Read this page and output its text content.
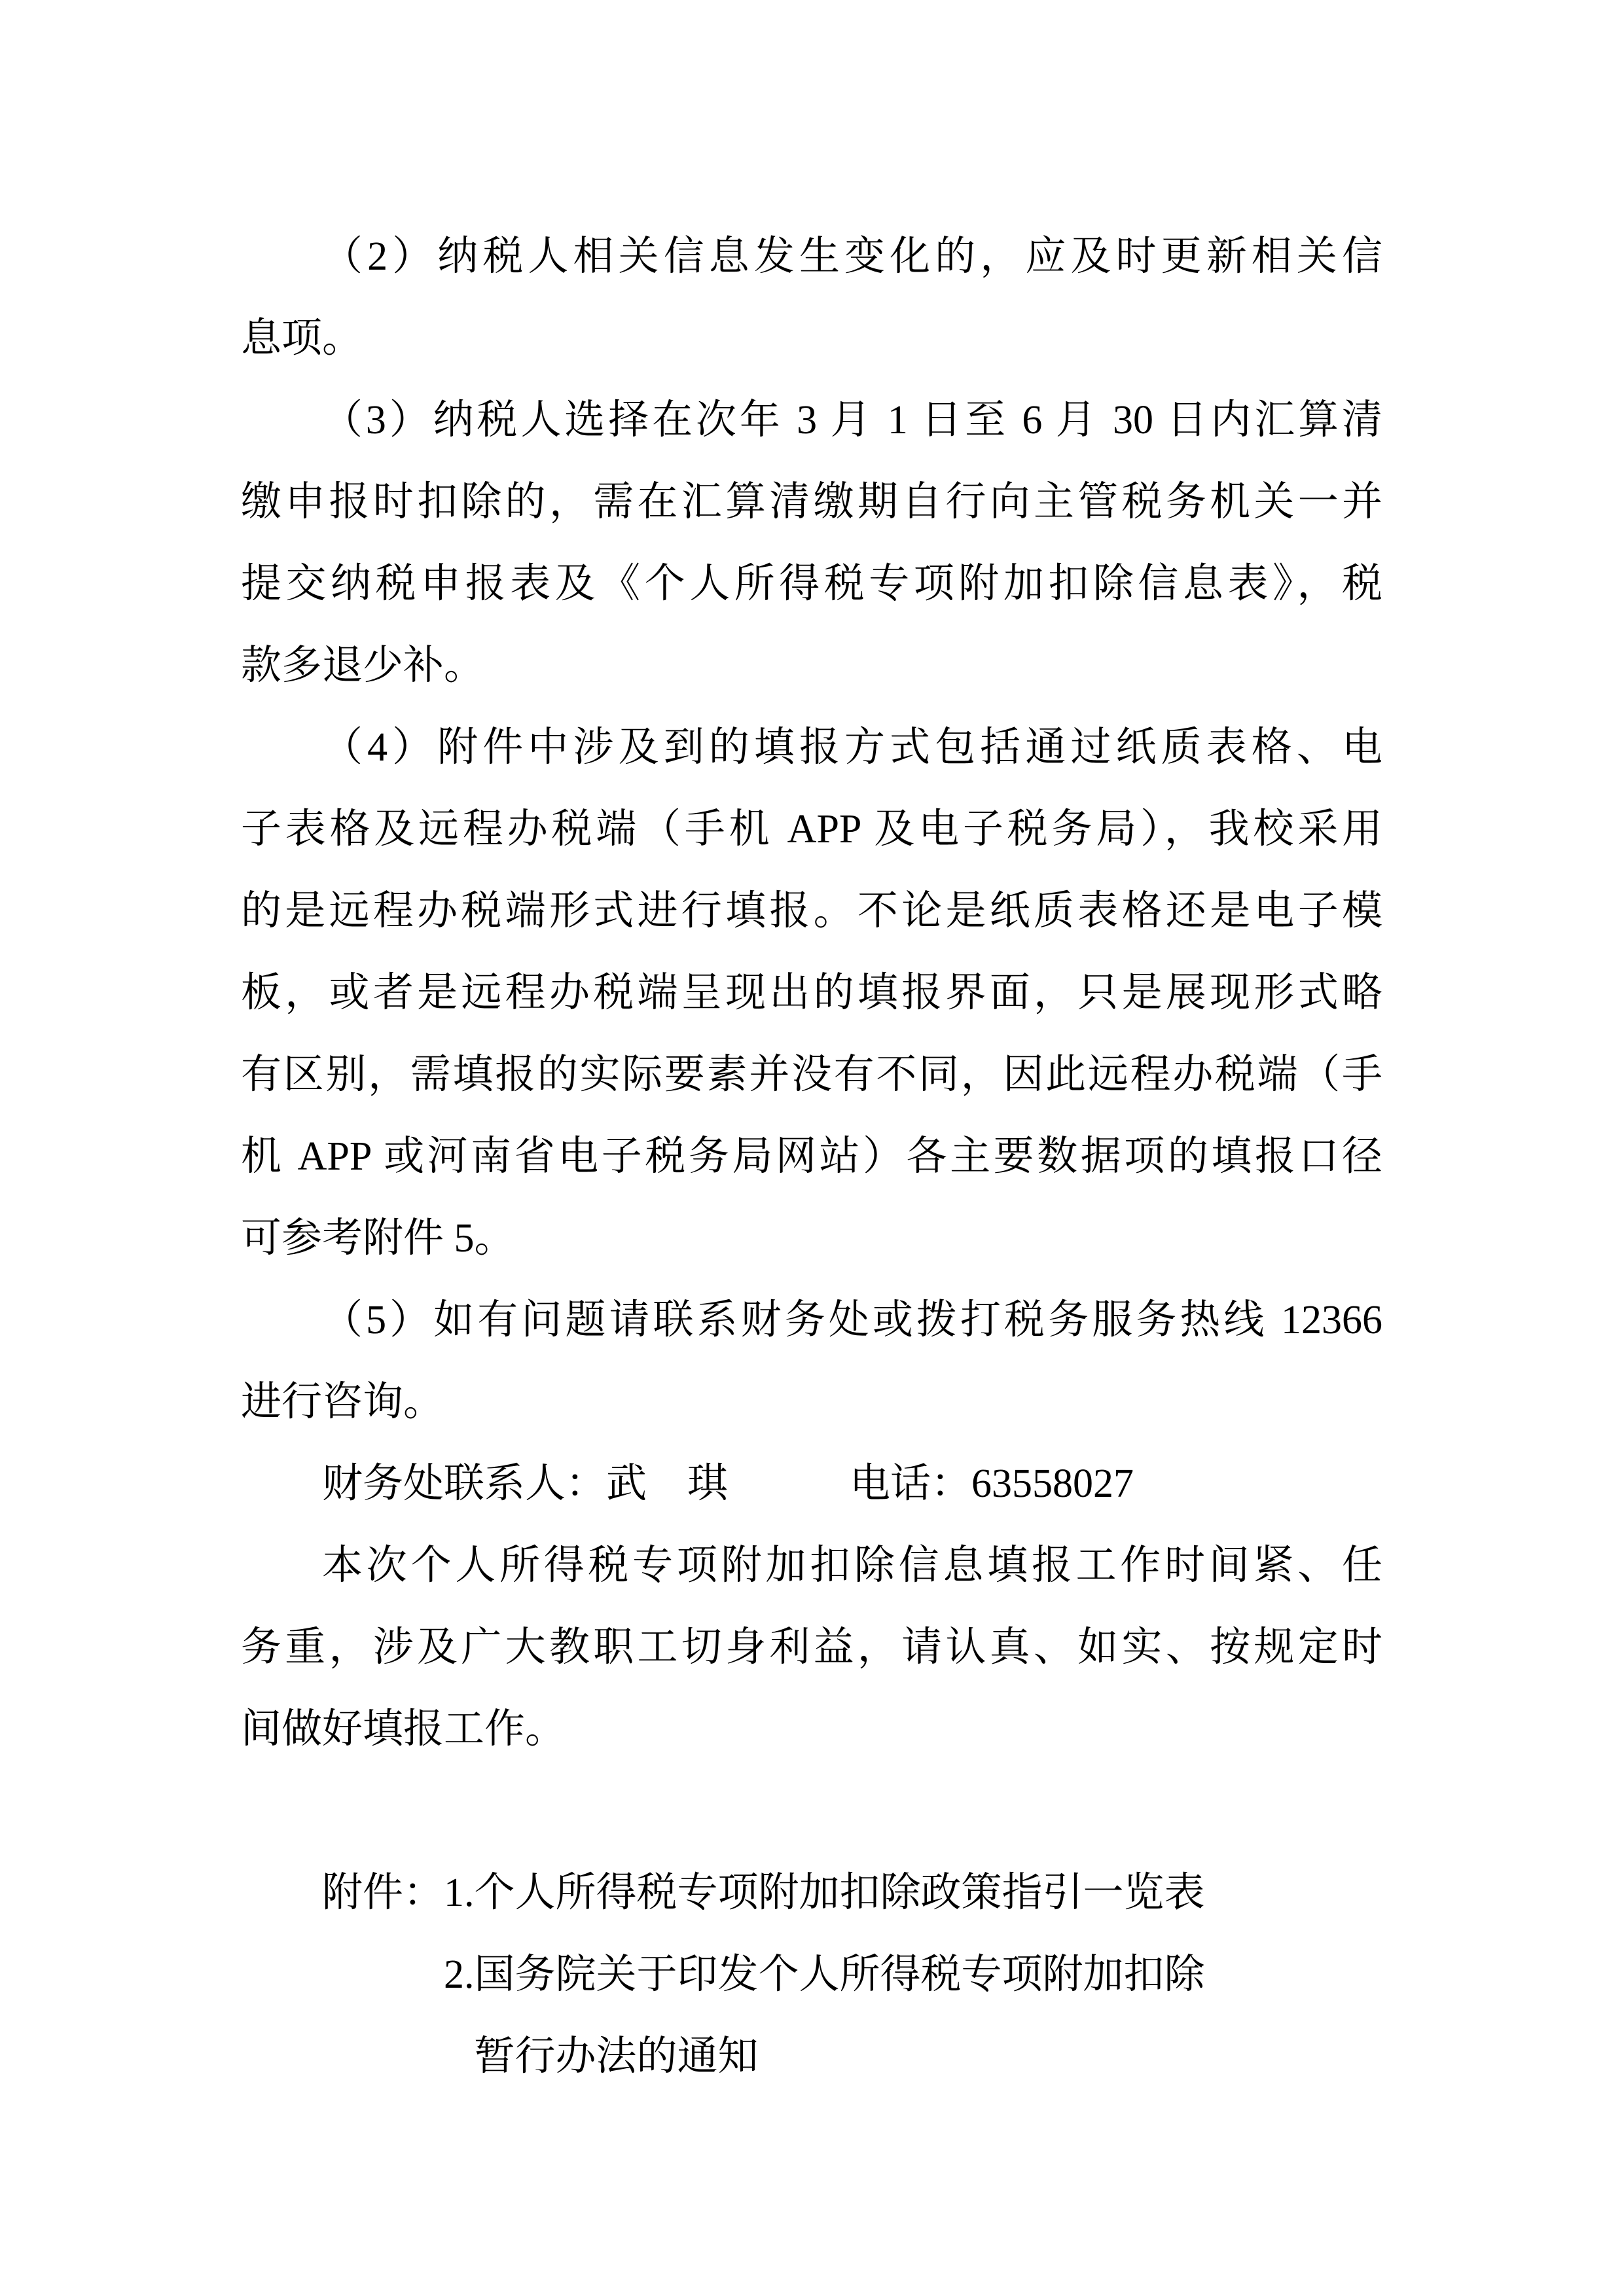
（2）纳税人相关信息发生变化的，应及时更新相关信
息项。
（3）纳税人选择在次年 3 月 1 日至 6 月 30 日内汇算清
缴申报时扣除的，需在汇算清缴期自行向主管税务机关一并
提交纳税申报表及《个人所得税专项附加扣除信息表》，税
款多退少补。
（4）附件中涉及到的填报方式包括通过纸质表格、电
子表格及远程办税端（手机 APP 及电子税务局），我校采用
的是远程办税端形式进行填报。不论是纸质表格还是电子模
板，或者是远程办税端呈现出的填报界面，只是展现形式略
有区别，需填报的实际要素并没有不同，因此远程办税端（手
机 APP 或河南省电子税务局网站）各主要数据项的填报口径
可参考附件 5。
（5）如有问题请联系财务处或拨打税务服务热线 12366
进行咨询。
财务处联系人：武　琪　　　电话：63558027
本次个人所得税专项附加扣除信息填报工作时间紧、任
务重，涉及广大教职工切身利益，请认真、如实、按规定时
间做好填报工作。
附件：1.个人所得税专项附加扣除政策指引一览表
2.国务院关于印发个人所得税专项附加扣除
暂行办法的通知
